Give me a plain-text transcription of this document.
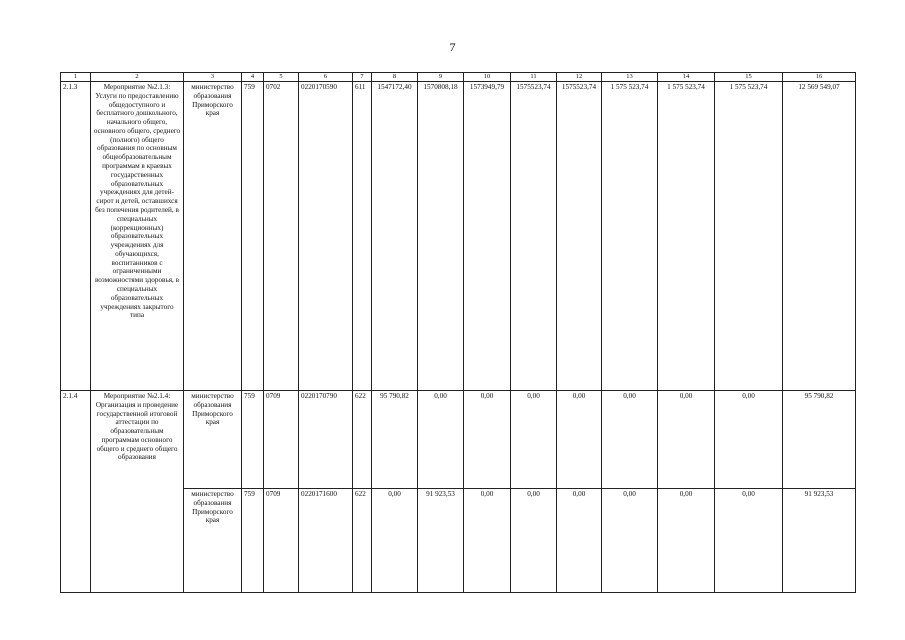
7
1	2	3	4	5	6	7	8	9	10	11	12	13	14	15	16
2.1.3	Мероприятие №2.1.3: Услуги по предоставлению общедоступного и бесплатного дошкольного, начального общего, основного общего, среднего (полного) общего образования по основным общеобразовательным программам в краевых государственных образовательных учреждениях для детей-сирот и детей, оставшихся без попечения родителей, в специальных (коррекционных) образовательных учреждениях для обучающихся, воспитанников с ограниченными возможностями здоровья, в специальных образовательных учреждениях закрытого типа	министерство образования Приморского края	759	0702	0220170590	611	1547172,40	1570808,18	1573949,79	1575523,74	1575523,74	1 575 523,74	1 575 523,74	1 575 523,74	12 569 549,07
2.1.4	Мероприятие №2.1.4: Организация и проведение государственной итоговой аттестации по образовательным программам основного общего и среднего общего образования	министерство образования Приморского края	759	0709	0220170790	622	95 790,82	0,00	0,00	0,00	0,00	0,00	0,00	0,00	95 790,82
		министерство образования Приморского края	759	0709	0220171600	622	0,00	91 923,53	0,00	0,00	0,00	0,00	0,00	0,00	91 923,53
